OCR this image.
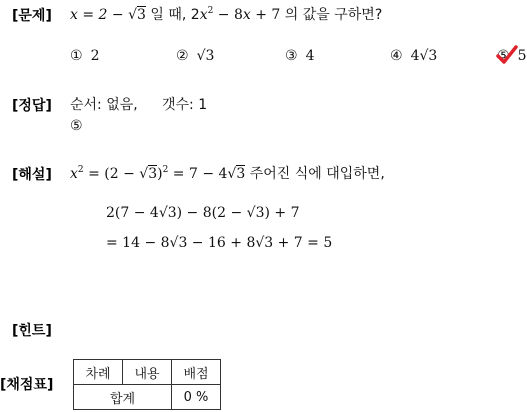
[문제] x = 2 − √3 일 때, $2x^2 - 8x + 7$ 의 값을 구하면?
① 2	② √3	③ 4	④ 4√3	⑤ 5
[정답] 순서: 없음, 갯수: 1
⑤
[해설] $x^2 = (2 - √3)^2 = 7 - 4√3$ 주어진 식에 대입하면,
2(7 − 4√3) − 8(2 − √3) + 7
= 14 − 8√3 − 16 + 8√3 + 7 = 5
[힌트]
[채점표]
차례	내용	배점
합계		0 %
